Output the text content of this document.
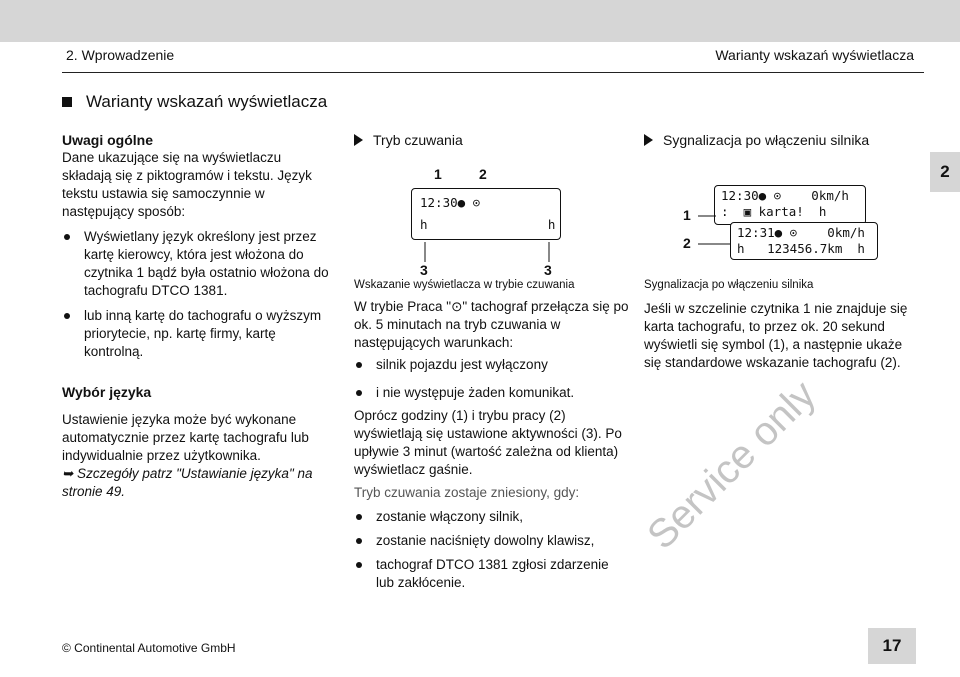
2. Wprowadzenie	Warianty wskazań wyświetlacza
Warianty wskazań wyświetlacza
2
Uwagi ogólne
Dane ukazujące się na wyświetlaczu składają się z piktogramów i tekstu. Język tekstu ustawia się samoczynnie w następujący sposób:
Wyświetlany język określony jest przez kartę kierowcy, która jest włożona do czytnika 1 bądź była ostatnio włożona do tachografu DTCO 1381.
lub inną kartę do tachografu o wyższym priorytecie, np. kartę firmy, kartę kontrolną.
Wybór języka
Ustawienie języka może być wykonane automatycznie przez kartę tachografu lub indywidualnie przez użytkownika.
➥ Szczegóły patrz "Ustawianie języka" na stronie 49.
Tryb czuwania
1	2
12:30● ⊙
h                h
3	3
Wskazanie wyświetlacza w trybie czuwania
W trybie Praca "⊙" tachograf przełącza się po ok. 5 minutach na tryb czuwania w następujących warunkach:
silnik pojazdu jest wyłączony
i nie występuje żaden komunikat.
Oprócz godziny (1) i trybu pracy (2) wyświetlają się ustawione aktywności (3). Po upływie 3 minut (wartość zależna od klienta) wyświetlacz gaśnie.
Tryb czuwania zostaje zniesiony, gdy:
zostanie włączony silnik,
zostanie naciśnięty dowolny klawisz,
tachograf DTCO 1381 zgłosi zdarzenie lub zakłócenie.
Sygnalizacja po włączeniu silnika
1
2
12:30● ⊙    0km/h
:  ▣ karta!  h
12:31● ⊙    0km/h
h   123456.7km  h
Sygnalizacja po włączeniu silnika
Jeśli w szczelinie czytnika 1 nie znajduje się karta tachografu, to przez ok. 20 sekund wyświetli się symbol (1), a następnie ukaże się standardowe wskazanie tachografu (2).
Service only
© Continental Automotive GmbH	17
